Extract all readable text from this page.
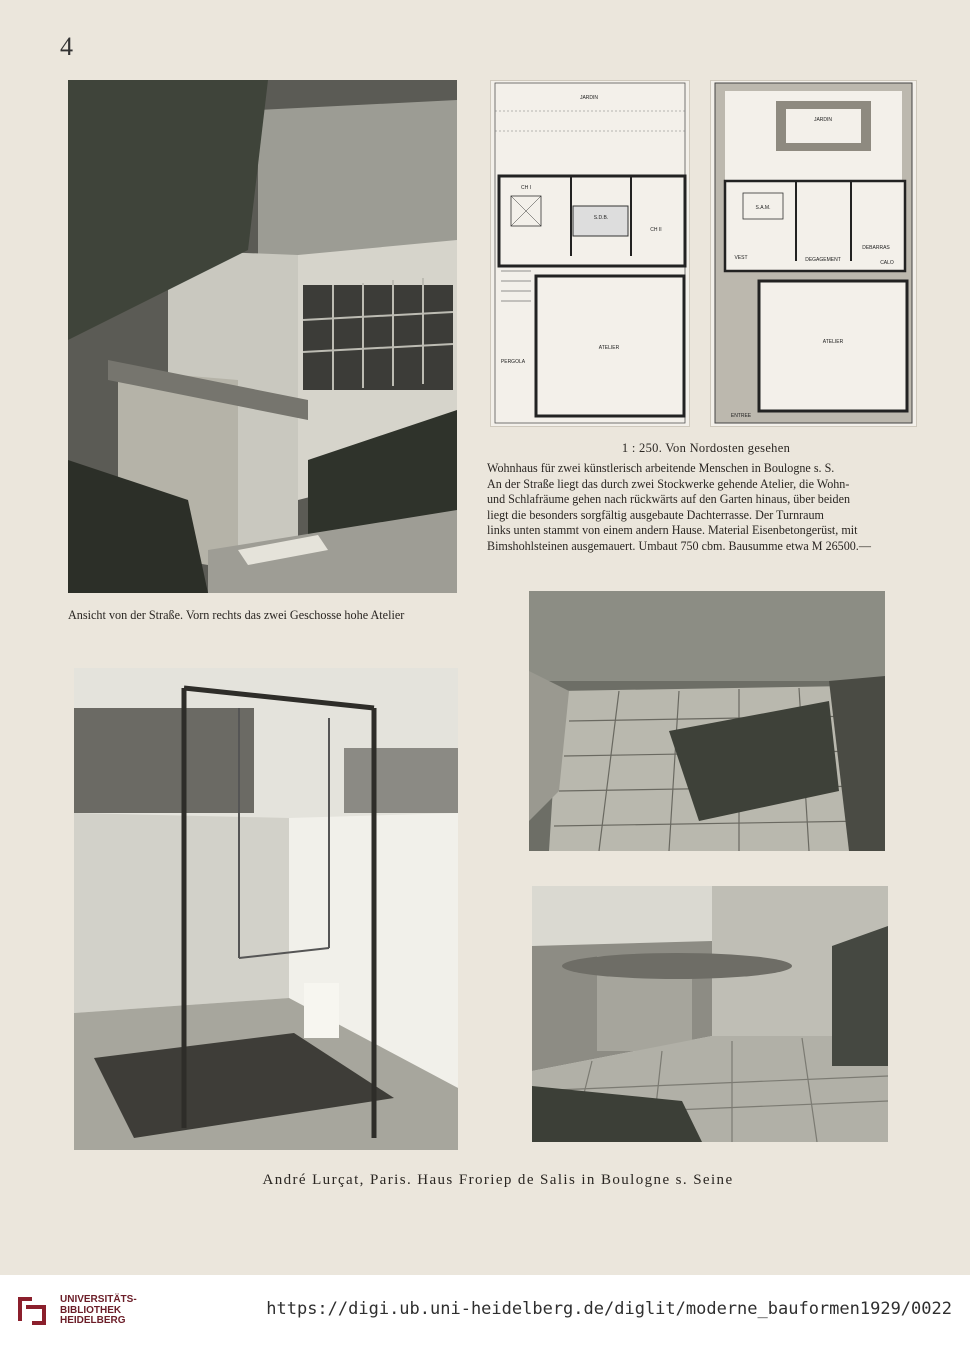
4
JARDIN
CH I
CH II
S.D.B.
ATELIER
PERGOLA
JARDIN
S.A.M.
VEST	DEGAGEMENT
DEBARRAS
CALO
ATELIER
ENTREE
1 : 250. Von Nordosten gesehen
Wohnhaus für zwei künstlerisch arbeitende Menschen in Boulogne s. S.
An der Straße liegt das durch zwei Stockwerke gehende Atelier, die Wohn-
und Schlafräume gehen nach rückwärts auf den Garten hinaus, über beiden
liegt die besonders sorgfältig ausgebaute Dachterrasse. Der Turnraum
links unten stammt von einem andern Hause. Material Eisenbetongerüst, mit
Bimshohlsteinen ausgemauert. Umbaut 750 cbm. Bausumme etwa M 26500.—
Ansicht von der Straße. Vorn rechts das zwei Geschosse hohe Atelier
André Lurçat, Paris. Haus Froriep de Salis in Boulogne s. Seine
UNIVERSITÄTS-
BIBLIOTHEK
HEIDELBERG
https://digi.ub.uni-heidelberg.de/diglit/moderne_bauformen1929/0022
